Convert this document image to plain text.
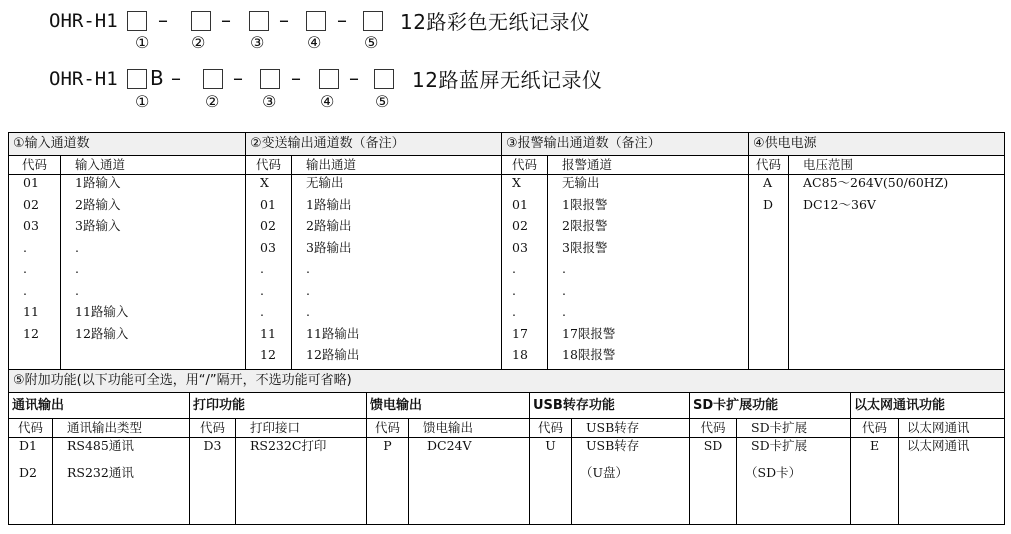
OHR-H1 –	– – –	12路彩色无纸记录仪
①	②	③	④	⑤
OHR-H1 B –	– – –	12路蓝屏无纸记录仪
①	②	③	④	⑤
①输入通道数		②变送输出通道数（备注）		③报警输出通道数（备注）		④供电电源	
代码	输入通道	代码	输出通道	代码	报警通道	代码	电压范围
01	1路输入	X	无输出	X	无输出	A	AC85～264V(50/60HZ)
02	2路输入	01	1路输出	01	1限报警	D	DC12～36V
03	3路输入	02	2路输出	02	2限报警		
.	.	03	3路输出	03	3限报警		
.	.	.	.	.	.		
.	.	.	.	.	.		
11	11路输入	.	.	.	.		
12	12路输入	11	11路输出	17	17限报警		
		12	12路输出	18	18限报警		
⑤附加功能(以下功能可全选，用“/”隔开，不选功能可省略)											
通讯输出		打印功能		馈电输出		USB转存功能		SD卡扩展功能		以太网通讯功能	
代码	通讯输出类型	代码	打印接口	代码	馈电输出	代码	USB转存	代码	SD卡扩展	代码	以太网通讯
D1	RS485通讯	D3	RS232C打印	P	DC24V	U	USB转存	SD	SD卡扩展	E	以太网通讯
D2	RS232通讯						（U盘）		（SD卡）		
